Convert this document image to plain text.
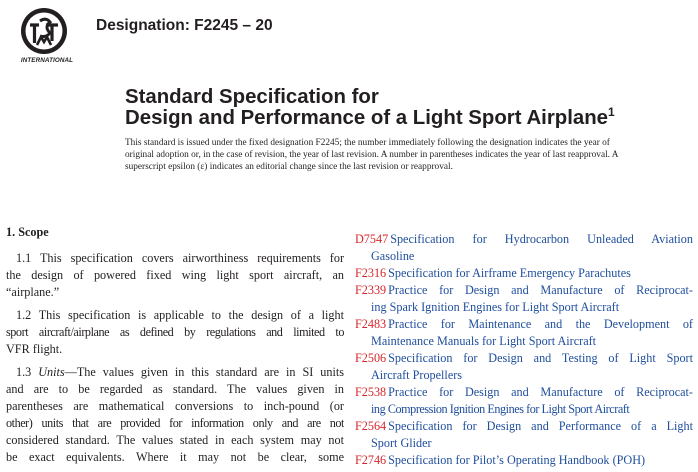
INTERNATIONAL
Designation: F2245 – 20
Standard Specification for
Design and Performance of a Light Sport Airplane$^1$
This standard is issued under the fixed designation F2245; the number immediately following the designation indicates the year of
original adoption or, in the case of revision, the year of last revision. A number in parentheses indicates the year of last reapproval. A
superscript epsilon (ε) indicates an editorial change since the last revision or reapproval.
1. Scope
1.1 This specification covers airworthiness requirements for
the design of powered fixed wing light sport aircraft, an
“airplane.”
1.2 This specification is applicable to the design of a light
sport aircraft/airplane as defined by regulations and limited to
VFR flight.
1.3 Units—The values given in this standard are in SI units
and are to be regarded as standard. The values given in
parentheses are mathematical conversions to inch-pound (or
other) units that are provided for information only and are not
considered standard. The values stated in each system may not
be exact equivalents. Where it may not be clear, some
D7547 Specification for Hydrocarbon Unleaded Aviation
Gasoline
F2316 Specification for Airframe Emergency Parachutes
F2339 Practice for Design and Manufacture of Reciprocat-
ing Spark Ignition Engines for Light Sport Aircraft
F2483 Practice for Maintenance and the Development of
Maintenance Manuals for Light Sport Aircraft
F2506 Specification for Design and Testing of Light Sport
Aircraft Propellers
F2538 Practice for Design and Manufacture of Reciprocat-
ing Compression Ignition Engines for Light Sport Aircraft
F2564 Specification for Design and Performance of a Light
Sport Glider
F2746 Specification for Pilot’s Operating Handbook (POH)
